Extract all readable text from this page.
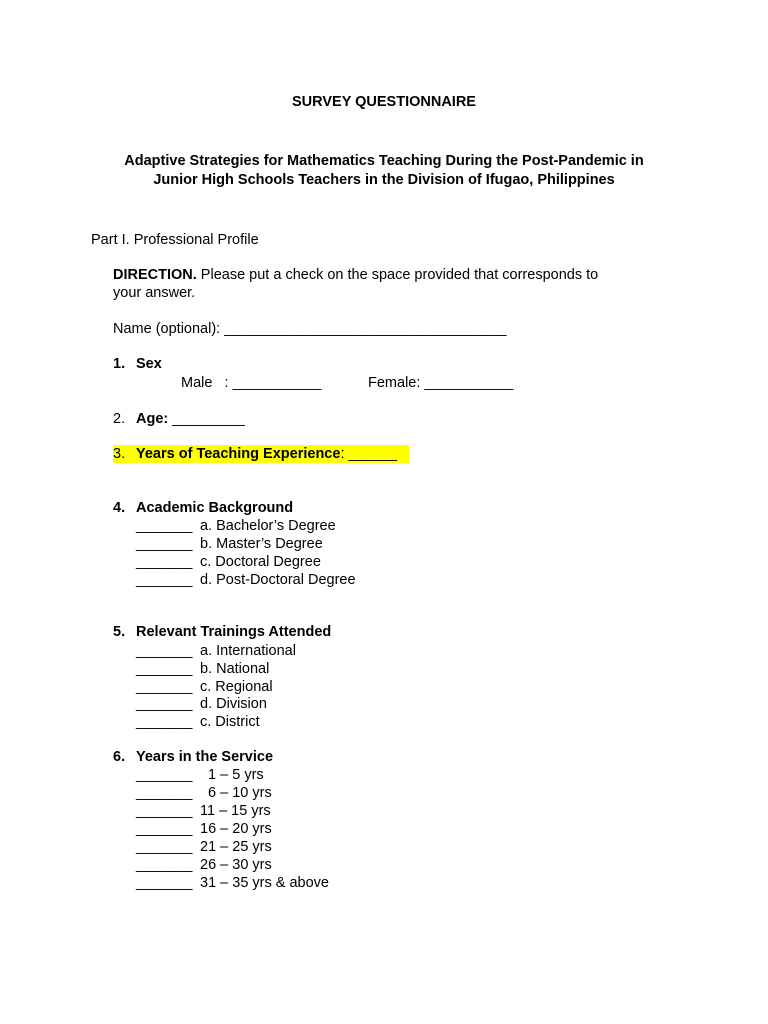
SURVEY QUESTIONNAIRE
Adaptive Strategies for Mathematics Teaching During the Post-Pandemic in
Junior High Schools Teachers in the Division of Ifugao, Philippines
Part I. Professional Profile
DIRECTION. Please put a check on the space provided that corresponds to
your answer.
Name (optional): ___________________________________
1. Sex
Male   : ___________	Female: ___________
2. Age: _________
3. Years of Teaching Experience: ______

4. Academic Background
_______ a. Bachelor’s Degree
_______ b. Master’s Degree
_______ c. Doctoral Degree
_______ d. Post-Doctoral Degree
5. Relevant Trainings Attended
_______ a. International
_______ b. National
_______ c. Regional
_______ d. Division
_______ c. District
6. Years in the Service
_______  1 – 5 yrs
_______  6 – 10 yrs
_______ 11 – 15 yrs
_______ 16 – 20 yrs
_______ 21 – 25 yrs
_______ 26 – 30 yrs
_______ 31 – 35 yrs & above
